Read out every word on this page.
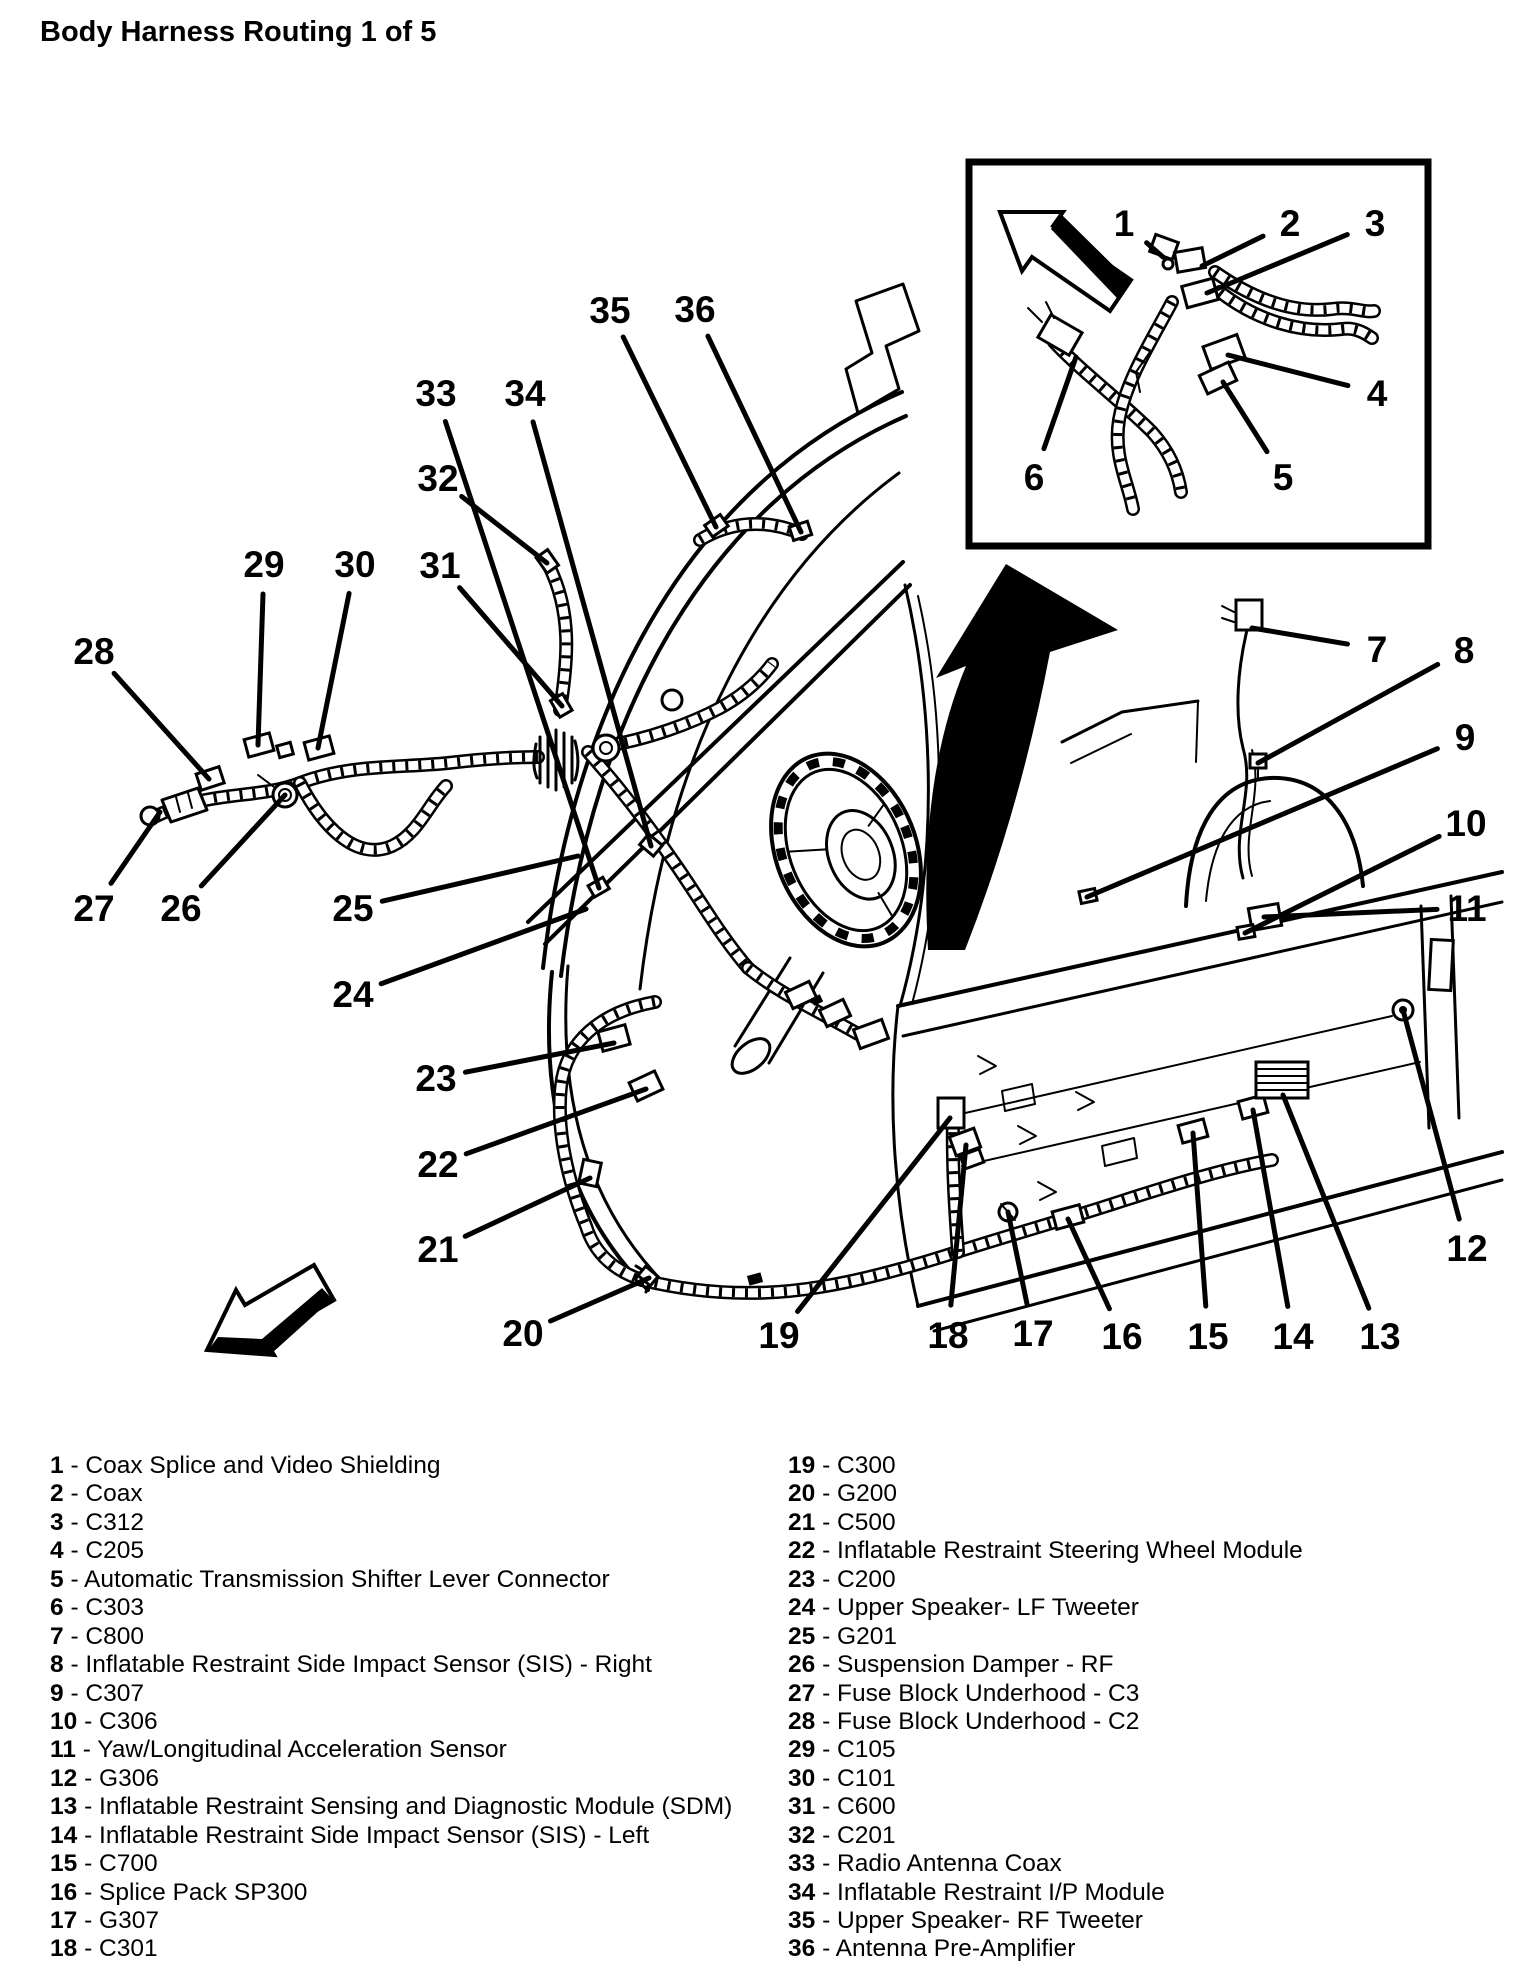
Body Harness Routing 1 of 5
1	2 3
4
5
6
7 8
9
10
11
12
13
14
15
16
17
18
19
20
21
22
23
24
25
26
27
28
29 30 31
32
33 34
35 36
1 - Coax Splice and Video Shielding
2 - Coax
3 - C312
4 - C205
5 - Automatic Transmission Shifter Lever Connector
6 - C303
7 - C800
8 - Inflatable Restraint Side Impact Sensor (SIS) - Right
9 - C307
10 - C306
11 - Yaw/Longitudinal Acceleration Sensor
12 - G306
13 - Inflatable Restraint Sensing and Diagnostic Module (SDM)
14 - Inflatable Restraint Side Impact Sensor (SIS) - Left
15 - C700
16 - Splice Pack SP300
17 - G307
18 - C301
19 - C300
20 - G200
21 - C500
22 - Inflatable Restraint Steering Wheel Module
23 - C200
24 - Upper Speaker- LF Tweeter
25 - G201
26 - Suspension Damper - RF
27 - Fuse Block Underhood - C3
28 - Fuse Block Underhood - C2
29 - C105
30 - C101
31 - C600
32 - C201
33 - Radio Antenna Coax
34 - Inflatable Restraint I/P Module
35 - Upper Speaker- RF Tweeter
36 - Antenna Pre-Amplifier
